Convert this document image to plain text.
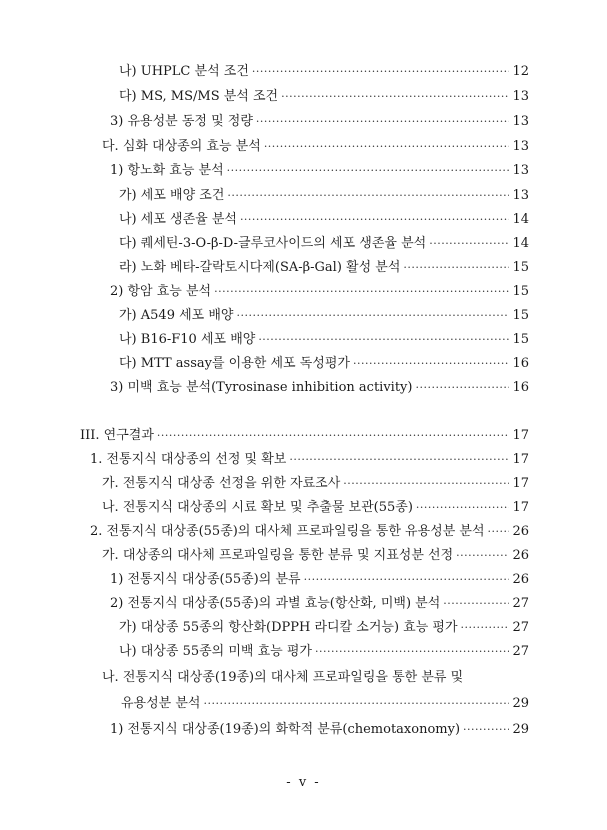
나) UHPLC 분석 조건 ·····	12
다) MS, MS/MS 분석 조건 ·····	13
3) 유용성분 동정 및 정량 ·····	13
다. 심화 대상종의 효능 분석 ·····	13
1) 항노화 효능 분석 ·····	13
가) 세포 배양 조건 ·····	13
나) 세포 생존율 분석 ·····	14
다) 퀘세틴-3-O-β-D-글루코사이드의 세포 생존율 분석 ·····	14
라) 노화 베타-갈락토시다제(SA-β-Gal) 활성 분석 ·····	15
2) 항암 효능 분석 ·····	15
가) A549 세포 배양 ·····	15
나) B16-F10 세포 배양 ·····	15
다) MTT assay를 이용한 세포 독성평가 ·····	16
3) 미백 효능 분석(Tyrosinase inhibition activity) ·····	16
III. 연구결과 ·····	17
1. 전통지식 대상종의 선정 및 확보 ·····	17
가. 전통지식 대상종 선정을 위한 자료조사 ·····	17
나. 전통지식 대상종의 시료 확보 및 추출물 보관(55종) ·····	17
2. 전통지식 대상종(55종)의 대사체 프로파일링을 통한 유용성분 분석 ····· 26
가. 대상종의 대사체 프로파일링을 통한 분류 및 지표성분 선정 ·····	26
1) 전통지식 대상종(55종)의 분류 ·····	26
2) 전통지식 대상종(55종)의 과별 효능(항산화, 미백) 분석 ·····	27
가) 대상종 55종의 항산화(DPPH 라디칼 소거능) 효능 평가 ·····	27
나) 대상종 55종의 미백 효능 평가 ·····	27
나. 전통지식 대상종(19종)의 대사체 프로파일링을 통한 분류 및
유용성분 분석 ·····	29
1) 전통지식 대상종(19종)의 화학적 분류(chemotaxonomy) ·····	29
- v -
